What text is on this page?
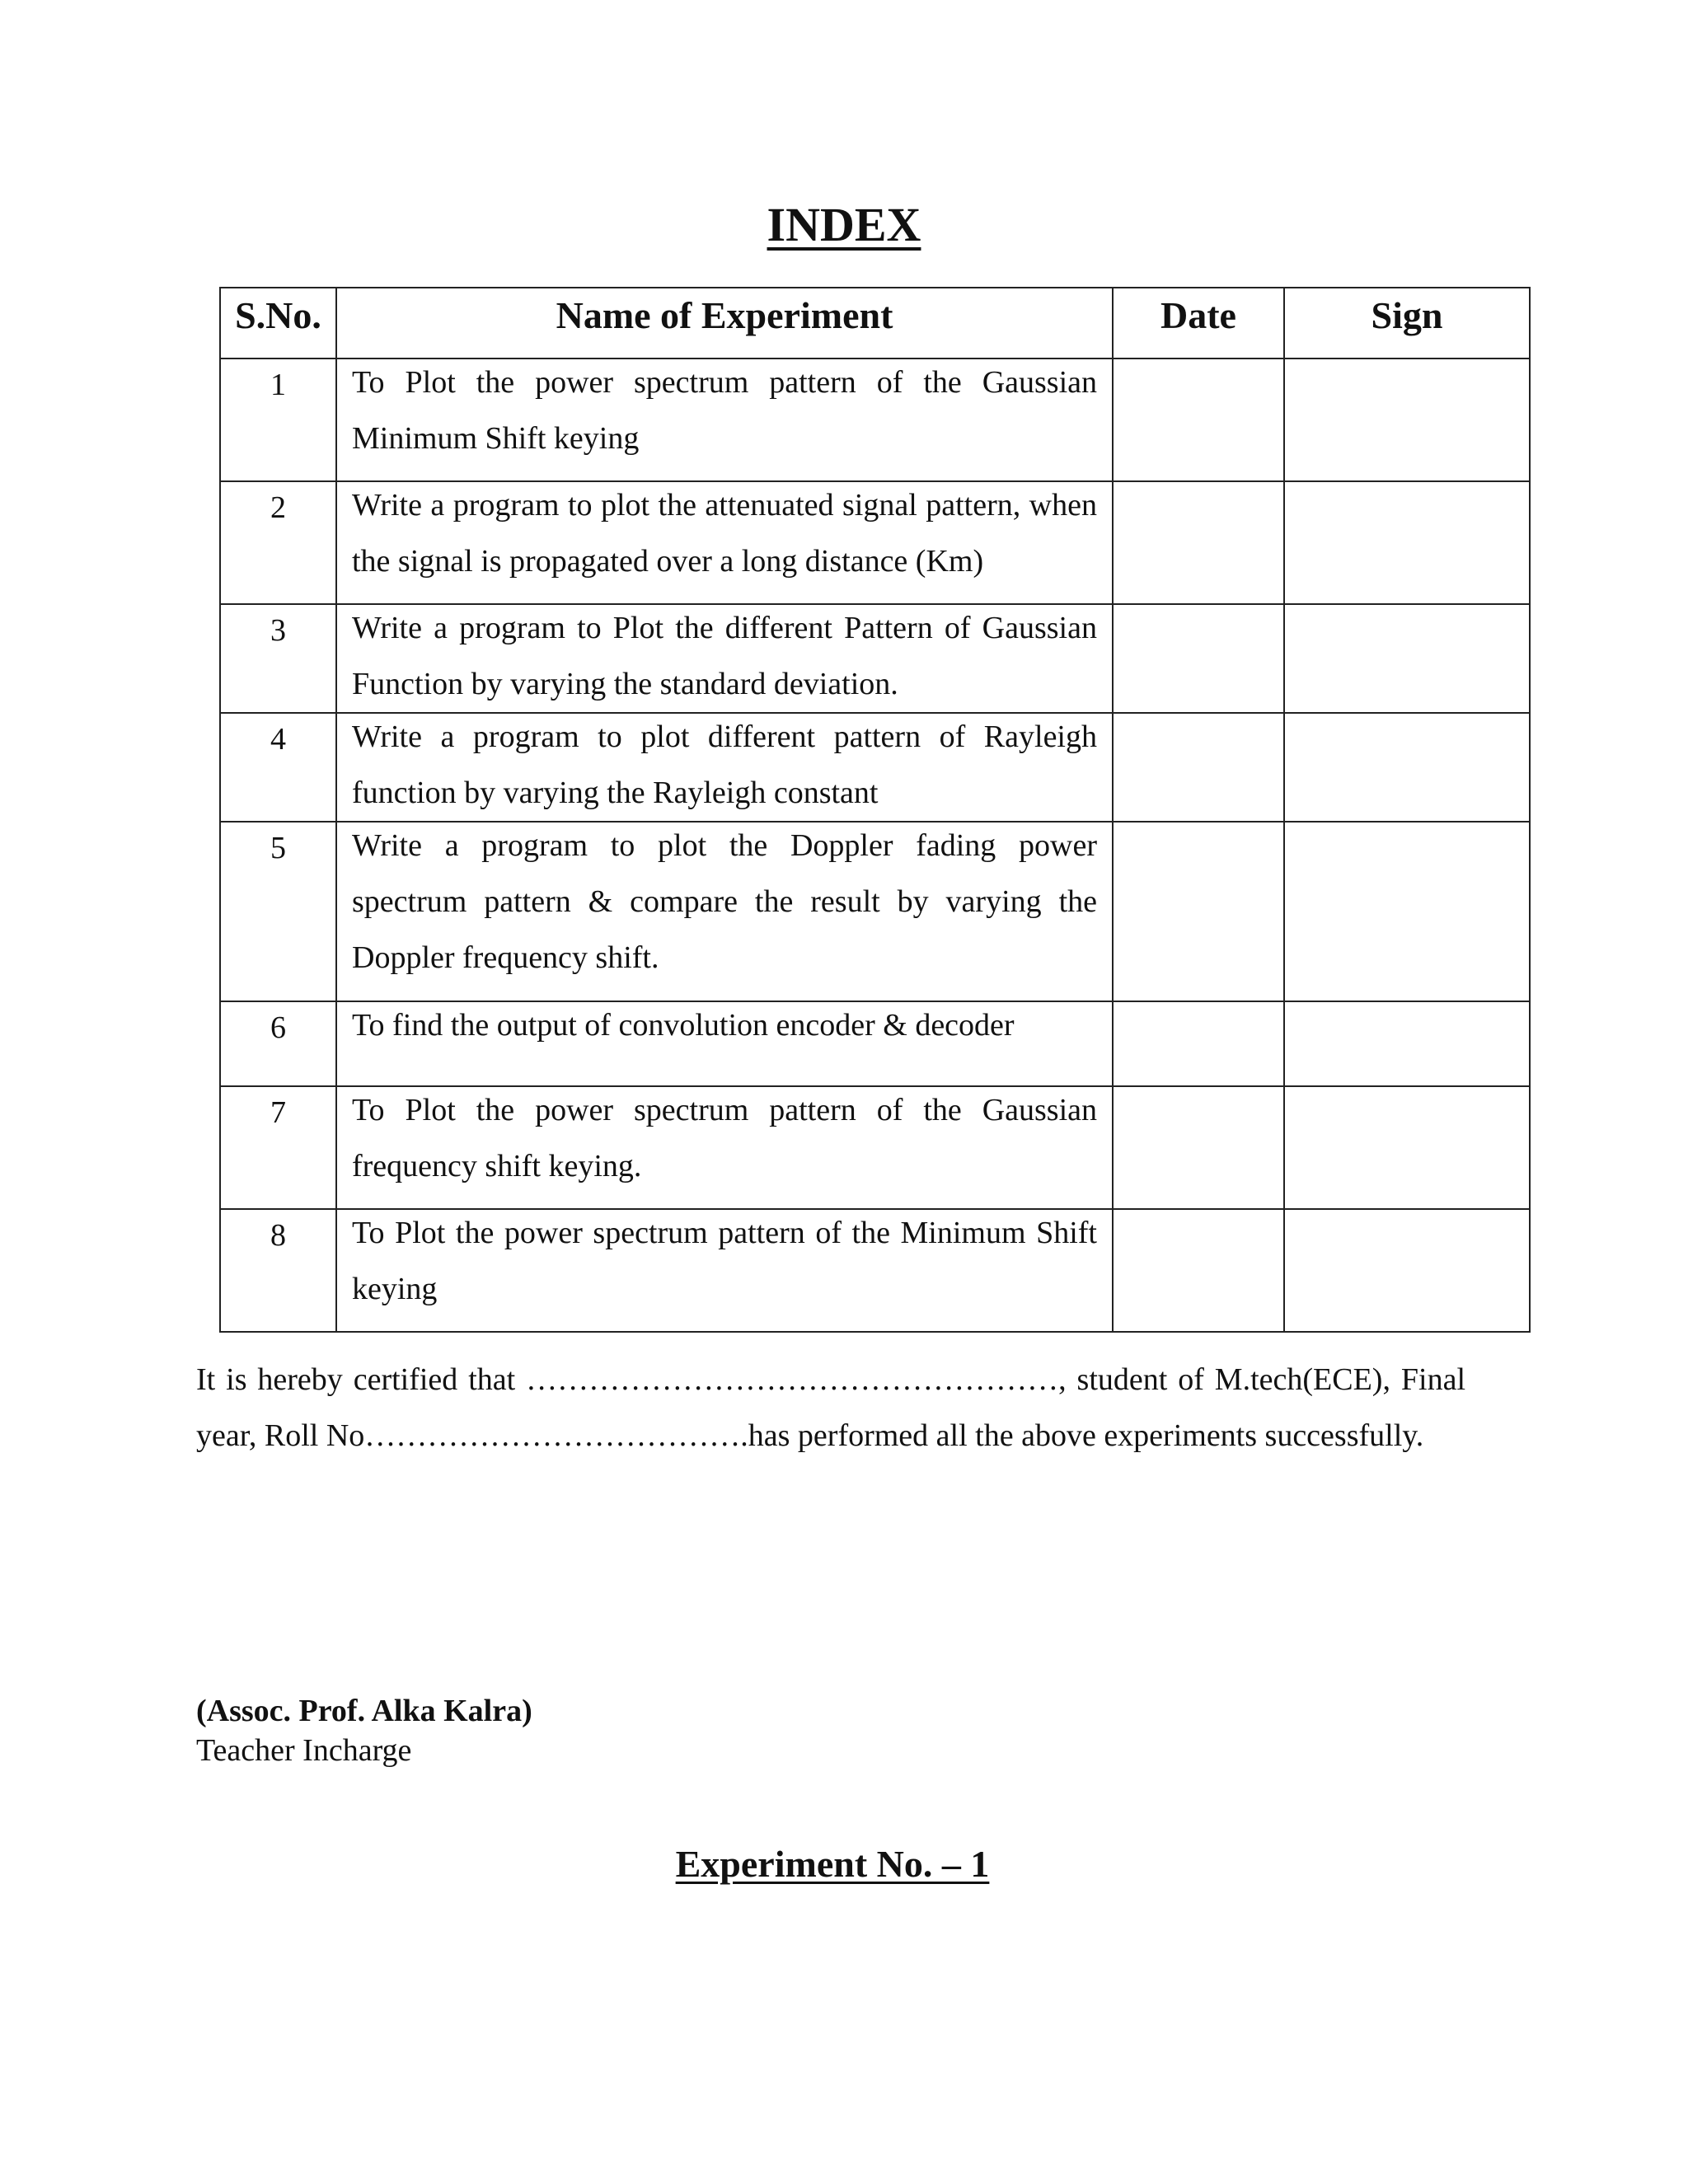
INDEX
S.No.	Name of Experiment	Date	Sign
1	To Plot the power spectrum pattern of the Gaussian Minimum Shift keying		

2	Write a program to plot the attenuated signal pattern, when the signal is propagated over a long distance (Km)		

3	Write a program to Plot the different Pattern of Gaussian Function by varying the standard deviation.		

4	Write a program to plot different pattern of Rayleigh function by varying the Rayleigh constant		

5	Write a program to plot the Doppler fading power spectrum pattern & compare the result by varying the Doppler frequency shift.		

6	To find the output of convolution encoder & decoder		

7	To Plot the power spectrum pattern of the Gaussian frequency shift keying.		

8	To Plot the power spectrum pattern of the Minimum Shift keying		

It is hereby certified that ……………………………………………, student of M.tech(ECE), Final year, Roll No……………………………….has performed all the above experiments successfully.
(Assoc. Prof. Alka Kalra)
Teacher Incharge
Experiment No. – 1
